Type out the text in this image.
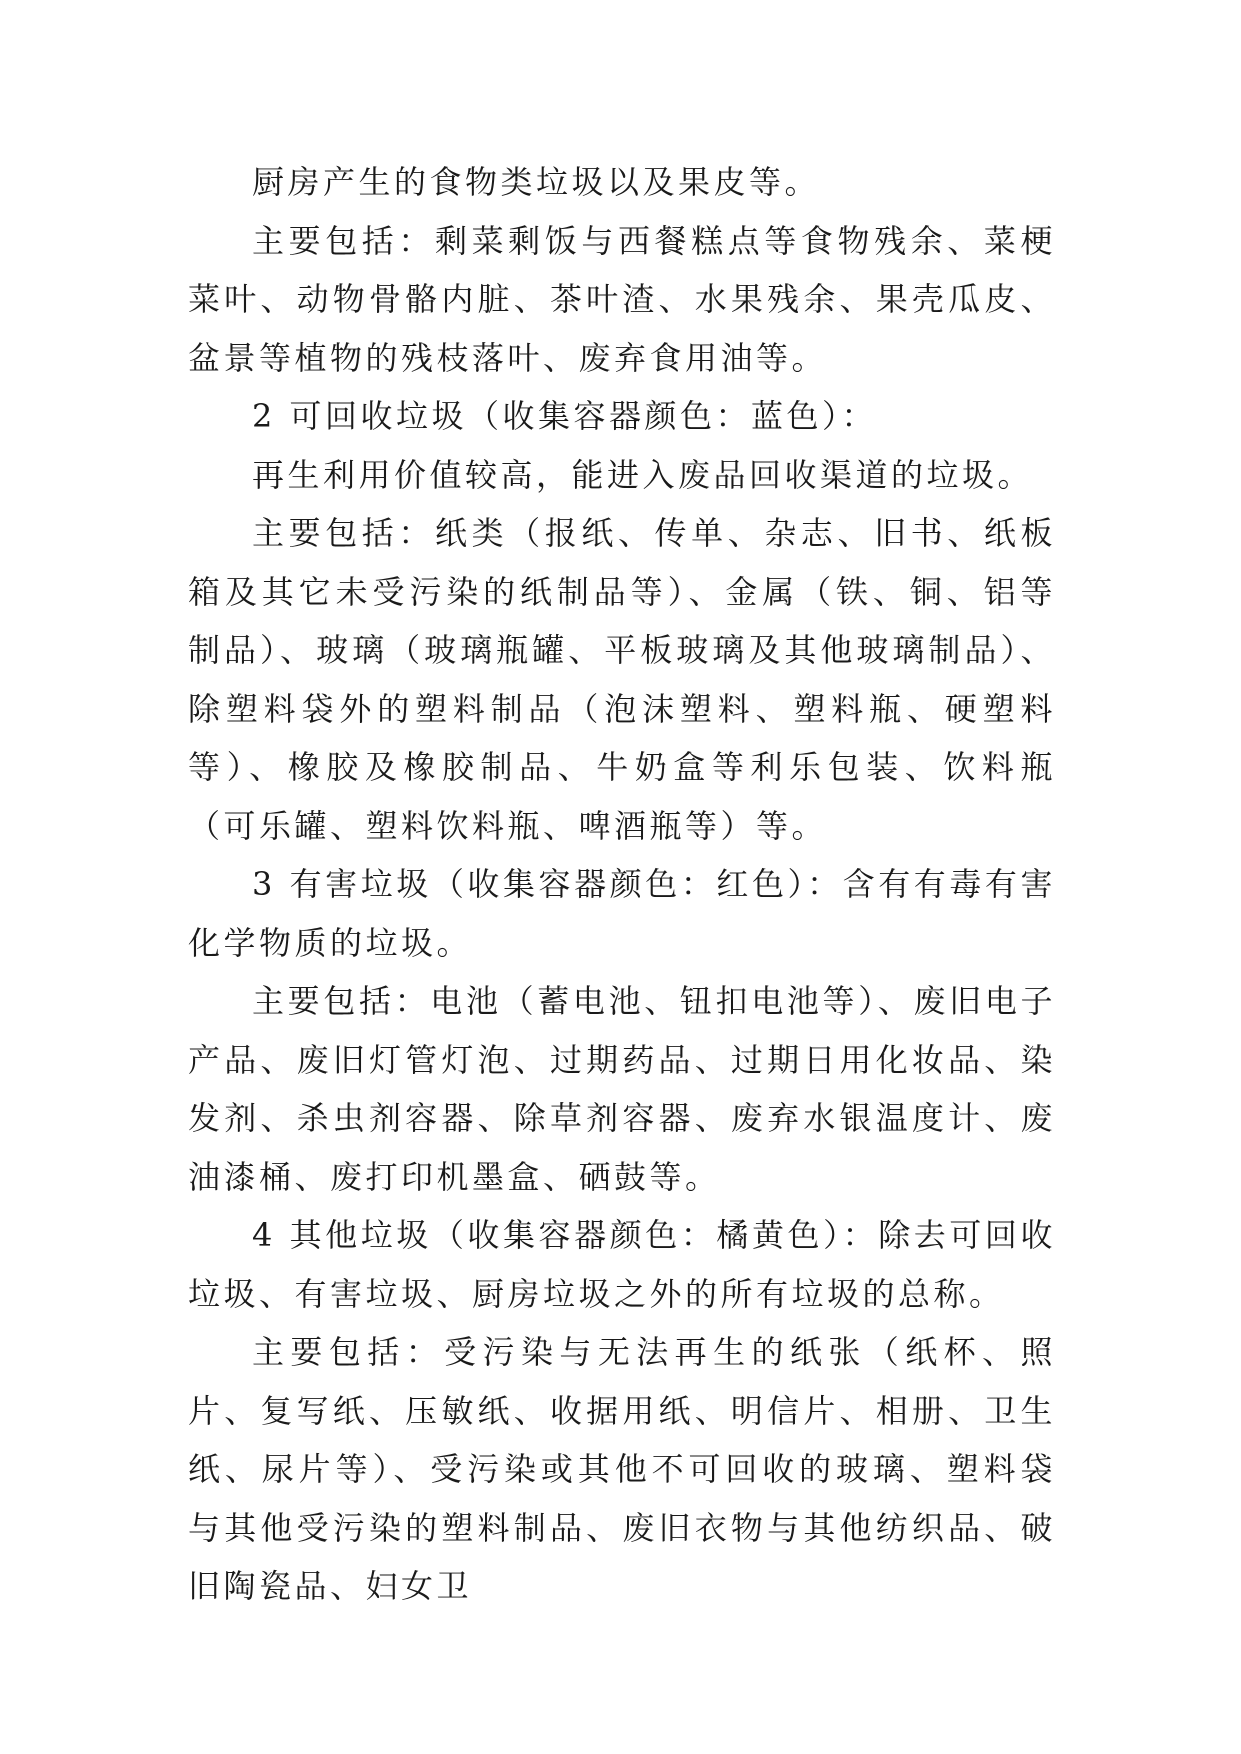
厨房产生的食物类垃圾以及果皮等。

主要包括：剩菜剩饭与西餐糕点等食物残余、菜梗菜叶、动物骨骼内脏、茶叶渣、水果残余、果壳瓜皮、盆景等植物的残枝落叶、废弃食用油等。

2 可回收垃圾（收集容器颜色：蓝色）：

再生利用价值较高，能进入废品回收渠道的垃圾。

主要包括：纸类（报纸、传单、杂志、旧书、纸板箱及其它未受污染的纸制品等）、金属（铁、铜、铝等制品）、玻璃（玻璃瓶罐、平板玻璃及其他玻璃制品）、除塑料袋外的塑料制品（泡沫塑料、塑料瓶、硬塑料等）、橡胶及橡胶制品、牛奶盒等利乐包装、饮料瓶（可乐罐、塑料饮料瓶、啤酒瓶等）等。

3 有害垃圾（收集容器颜色：红色）：含有有毒有害化学物质的垃圾。

主要包括：电池（蓄电池、钮扣电池等）、废旧电子产品、废旧灯管灯泡、过期药品、过期日用化妆品、染发剂、杀虫剂容器、除草剂容器、废弃水银温度计、废油漆桶、废打印机墨盒、硒鼓等。

4 其他垃圾（收集容器颜色：橘黄色）：除去可回收垃圾、有害垃圾、厨房垃圾之外的所有垃圾的总称。

主要包括：受污染与无法再生的纸张（纸杯、照片、复写纸、压敏纸、收据用纸、明信片、相册、卫生纸、尿片等）、受污染或其他不可回收的玻璃、塑料袋与其他受污染的塑料制品、废旧衣物与其他纺织品、破旧陶瓷品、妇女卫
